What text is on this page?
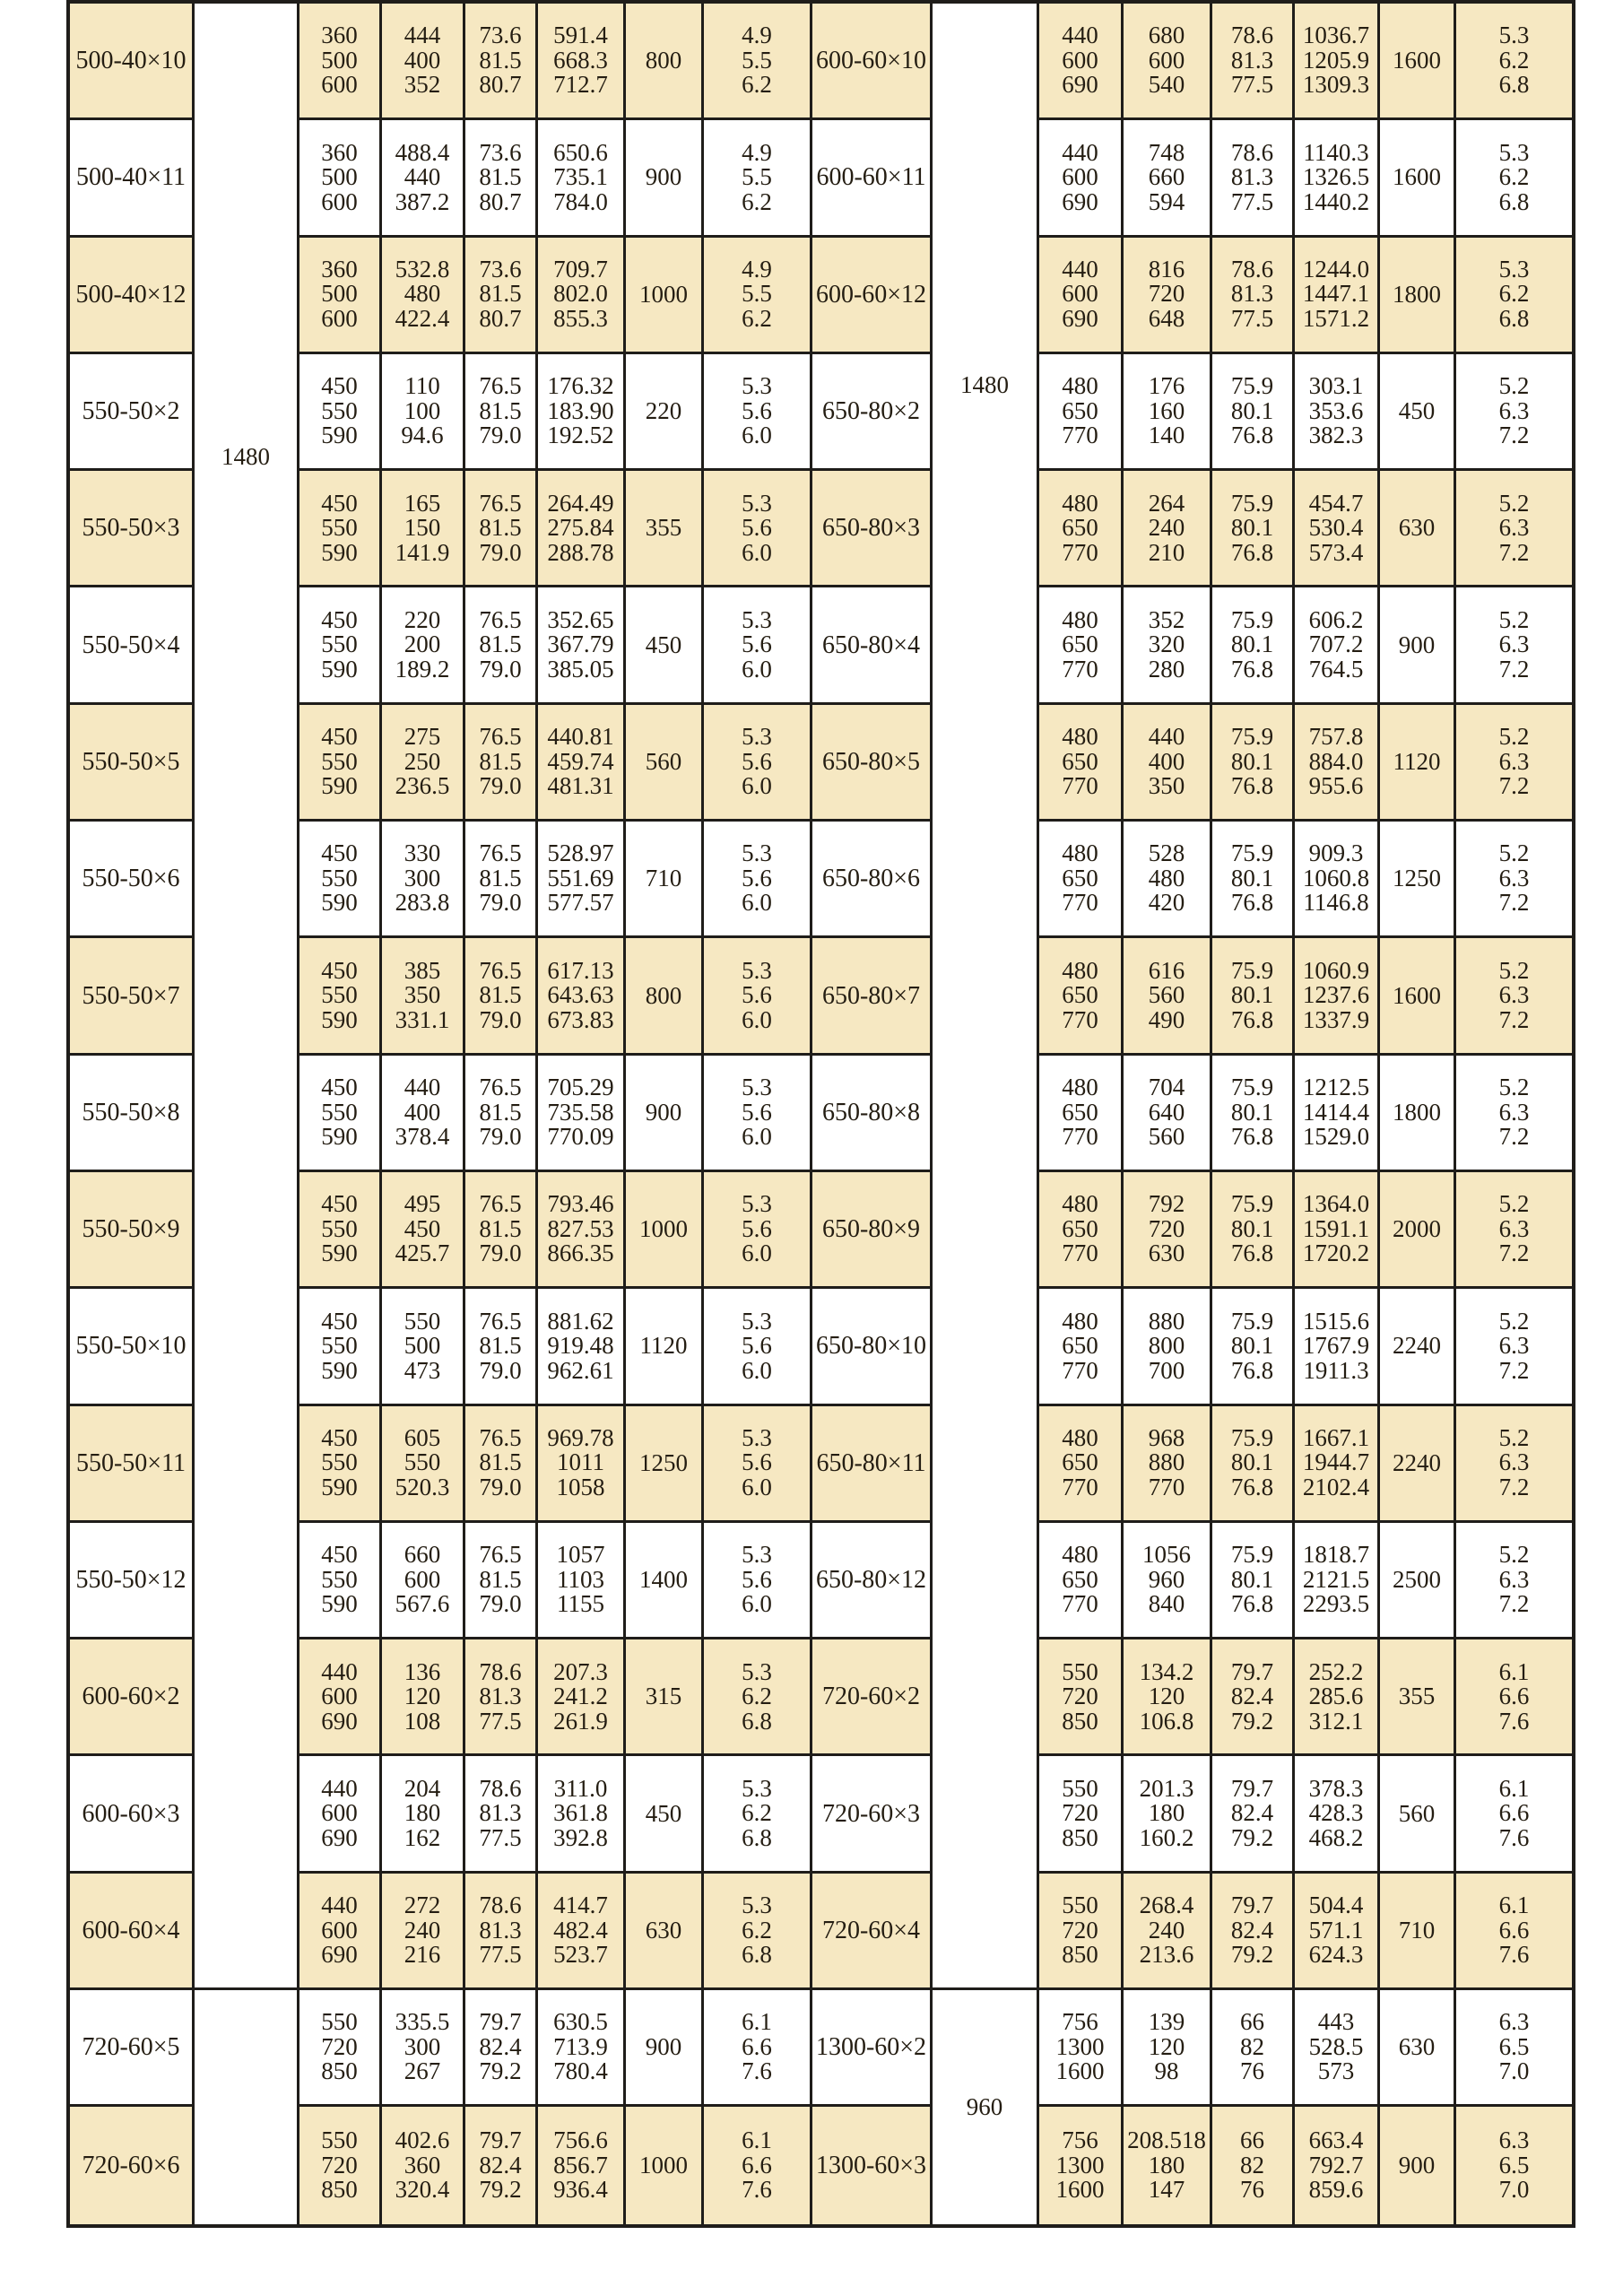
500-40×10
360
500
600
444
400
352
73.6
81.5
80.7
591.4
668.3
712.7
800
4.9
5.5
6.2
600-60×10
440
600
690
680
600
540
78.6
81.3
77.5
1036.7
1205.9
1309.3
1600
5.3
6.2
6.8
500-40×11
360
500
600
488.4
440
387.2
73.6
81.5
80.7
650.6
735.1
784.0
900
4.9
5.5
6.2
600-60×11
440
600
690
748
660
594
78.6
81.3
77.5
1140.3
1326.5
1440.2
1600
5.3
6.2
6.8
500-40×12
360
500
600
532.8
480
422.4
73.6
81.5
80.7
709.7
802.0
855.3
1000
4.9
5.5
6.2
600-60×12
440
600
690
816
720
648
78.6
81.3
77.5
1244.0
1447.1
1571.2
1800
5.3
6.2
6.8
550-50×2
450
550
590
110
100
94.6
76.5
81.5
79.0
176.32
183.90
192.52
220
5.3
5.6
6.0
650-80×2
480
650
770
176
160
140
75.9
80.1
76.8
303.1
353.6
382.3
450
5.2
6.3
7.2
550-50×3
450
550
590
165
150
141.9
76.5
81.5
79.0
264.49
275.84
288.78
355
5.3
5.6
6.0
650-80×3
480
650
770
264
240
210
75.9
80.1
76.8
454.7
530.4
573.4
630
5.2
6.3
7.2
550-50×4
450
550
590
220
200
189.2
76.5
81.5
79.0
352.65
367.79
385.05
450
5.3
5.6
6.0
650-80×4
480
650
770
352
320
280
75.9
80.1
76.8
606.2
707.2
764.5
900
5.2
6.3
7.2
550-50×5
450
550
590
275
250
236.5
76.5
81.5
79.0
440.81
459.74
481.31
560
5.3
5.6
6.0
650-80×5
480
650
770
440
400
350
75.9
80.1
76.8
757.8
884.0
955.6
1120
5.2
6.3
7.2
550-50×6
450
550
590
330
300
283.8
76.5
81.5
79.0
528.97
551.69
577.57
710
5.3
5.6
6.0
650-80×6
480
650
770
528
480
420
75.9
80.1
76.8
909.3
1060.8
1146.8
1250
5.2
6.3
7.2
550-50×7
450
550
590
385
350
331.1
76.5
81.5
79.0
617.13
643.63
673.83
800
5.3
5.6
6.0
650-80×7
480
650
770
616
560
490
75.9
80.1
76.8
1060.9
1237.6
1337.9
1600
5.2
6.3
7.2
550-50×8
450
550
590
440
400
378.4
76.5
81.5
79.0
705.29
735.58
770.09
900
5.3
5.6
6.0
650-80×8
480
650
770
704
640
560
75.9
80.1
76.8
1212.5
1414.4
1529.0
1800
5.2
6.3
7.2
550-50×9
450
550
590
495
450
425.7
76.5
81.5
79.0
793.46
827.53
866.35
1000
5.3
5.6
6.0
650-80×9
480
650
770
792
720
630
75.9
80.1
76.8
1364.0
1591.1
1720.2
2000
5.2
6.3
7.2
550-50×10
450
550
590
550
500
473
76.5
81.5
79.0
881.62
919.48
962.61
1120
5.3
5.6
6.0
650-80×10
480
650
770
880
800
700
75.9
80.1
76.8
1515.6
1767.9
1911.3
2240
5.2
6.3
7.2
550-50×11
450
550
590
605
550
520.3
76.5
81.5
79.0
969.78
1011
1058
1250
5.3
5.6
6.0
650-80×11
480
650
770
968
880
770
75.9
80.1
76.8
1667.1
1944.7
2102.4
2240
5.2
6.3
7.2
550-50×12
450
550
590
660
600
567.6
76.5
81.5
79.0
1057
1103
1155
1400
5.3
5.6
6.0
650-80×12
480
650
770
1056
960
840
75.9
80.1
76.8
1818.7
2121.5
2293.5
2500
5.2
6.3
7.2
600-60×2
440
600
690
136
120
108
78.6
81.3
77.5
207.3
241.2
261.9
315
5.3
6.2
6.8
720-60×2
550
720
850
134.2
120
106.8
79.7
82.4
79.2
252.2
285.6
312.1
355
6.1
6.6
7.6
600-60×3
440
600
690
204
180
162
78.6
81.3
77.5
311.0
361.8
392.8
450
5.3
6.2
6.8
720-60×3
550
720
850
201.3
180
160.2
79.7
82.4
79.2
378.3
428.3
468.2
560
6.1
6.6
7.6
600-60×4
440
600
690
272
240
216
78.6
81.3
77.5
414.7
482.4
523.7
630
5.3
6.2
6.8
720-60×4
550
720
850
268.4
240
213.6
79.7
82.4
79.2
504.4
571.1
624.3
710
6.1
6.6
7.6
720-60×5
550
720
850
335.5
300
267
79.7
82.4
79.2
630.5
713.9
780.4
900
6.1
6.6
7.6
1300-60×2
756
1300
1600
139
120
98
66
82
76
443
528.5
573
630
6.3
6.5
7.0
720-60×6
550
720
850
402.6
360
320.4
79.7
82.4
79.2
756.6
856.7
936.4
1000
6.1
6.6
7.6
1300-60×3
756
1300
1600
208.518
180
147
66
82
76
663.4
792.7
859.6
900
6.3
6.5
7.0
1480
1480
960
